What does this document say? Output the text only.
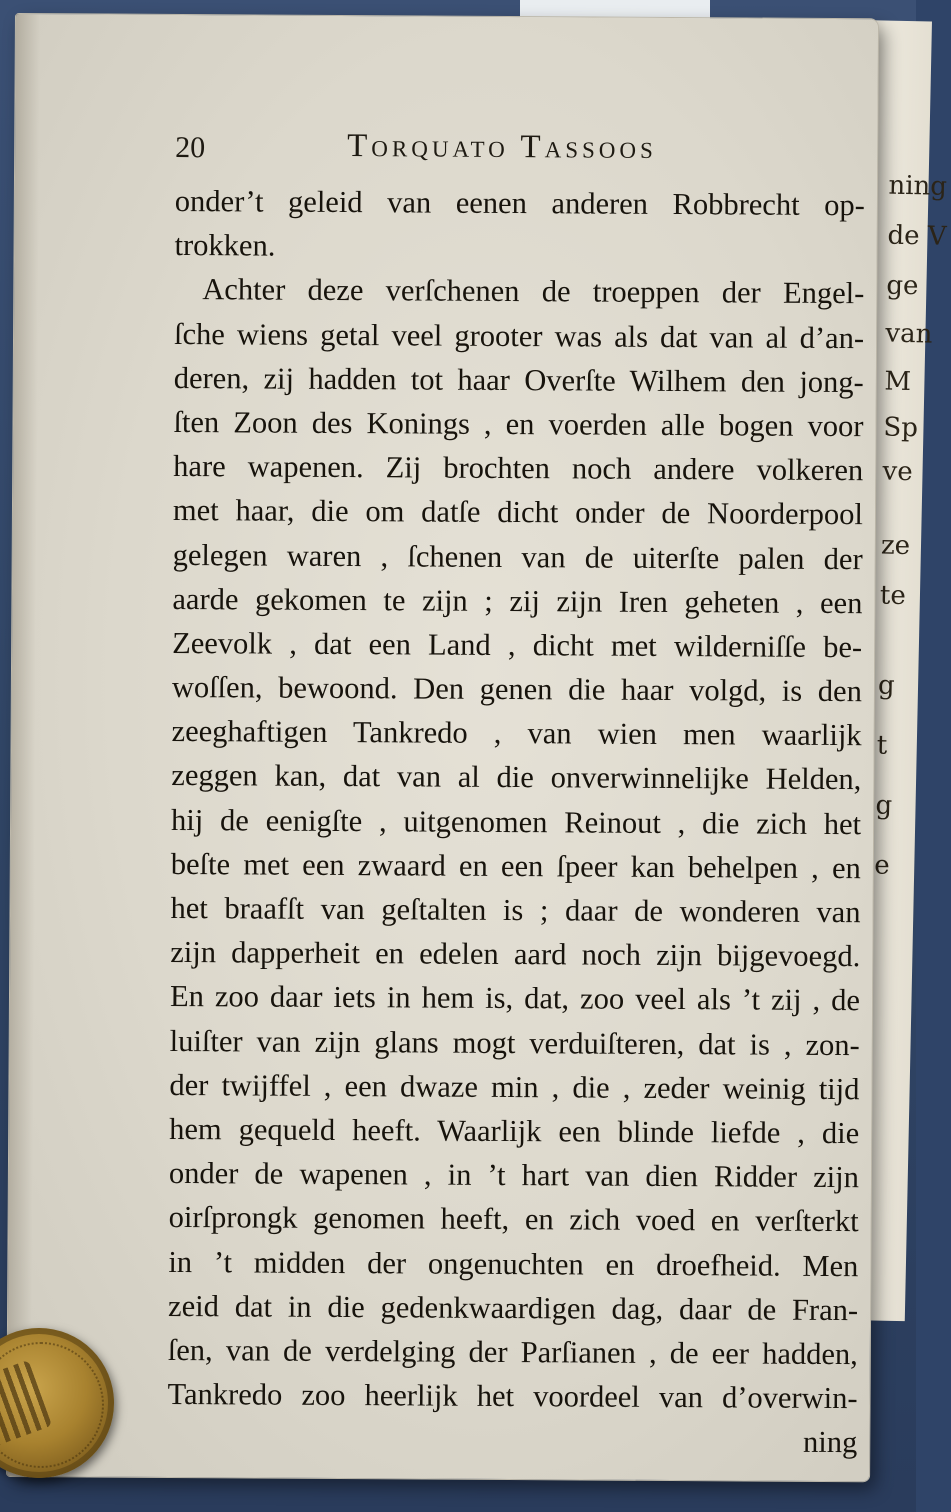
ning
de V
ge
van
M
Sp
ve
ze
te
g
t
g
e
20	Torquato Tassoos
onder’t geleid van eenen anderen Robbrecht op-
trokken.
Achter deze verſchenen de troeppen der Engel-
ſche wiens getal veel grooter was als dat van al d’an-
deren, zij hadden tot haar Overſte Wilhem den jong-
ſten Zoon des Konings , en voerden alle bogen voor
hare wapenen. Zij brochten noch andere volkeren
met haar, die om datſe dicht onder de Noorderpool
gelegen waren , ſchenen van de uiterſte palen der
aarde gekomen te zijn ; zij zijn Iren geheten , een
Zeevolk , dat een Land , dicht met wilderniſſe be-
woſſen, bewoond. Den genen die haar volgd, is den
zeeghaftigen Tankredo , van wien men waarlijk
zeggen kan, dat van al die onverwinnelijke Helden,
hij de eenigſte , uitgenomen Reinout , die zich het
beſte met een zwaard en een ſpeer kan behelpen , en
het braafſt van geſtalten is ; daar de wonderen van
zijn dapperheit en edelen aard noch zijn bijgevoegd.
En zoo daar iets in hem is, dat, zoo veel als ’t zij , de
luiſter van zijn glans mogt verduiſteren, dat is , zon-
der twijffel , een dwaze min , die , zeder weinig tijd
hem gequeld heeft. Waarlijk een blinde liefde , die
onder de wapenen , in ’t hart van dien Ridder zijn
oirſprongk genomen heeft, en zich voed en verſterkt
in ’t midden der ongenuchten en droefheid. Men
zeid dat in die gedenkwaardigen dag, daar de Fran-
ſen, van de verdelging der Parſianen , de eer hadden,
Tankredo zoo heerlijk het voordeel van d’overwin-
ning
